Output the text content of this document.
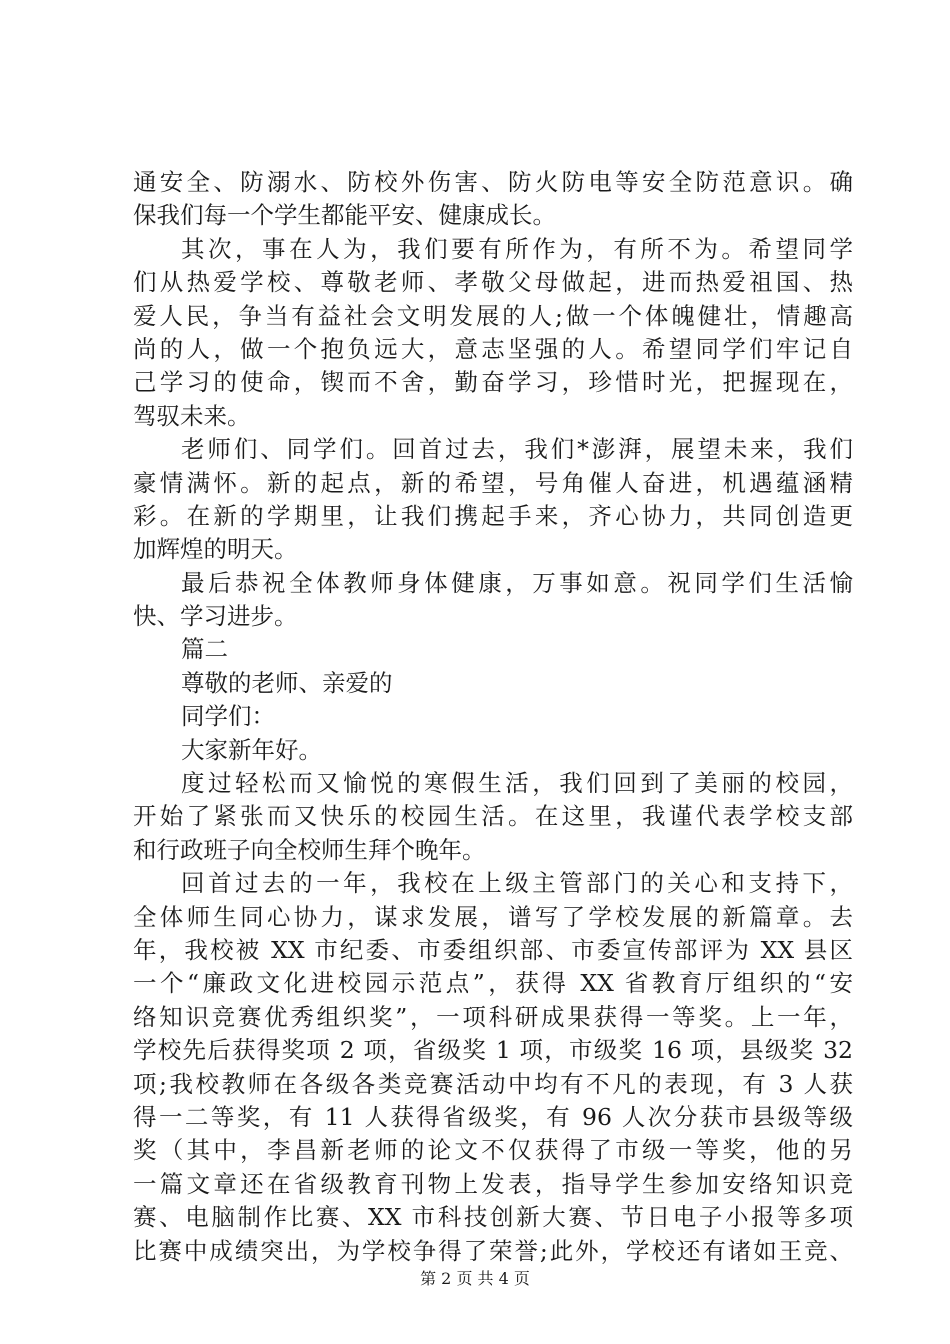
通安全、防溺水、防校外伤害、防火防电等安全防范意识。确
保我们每一个学生都能平安、健康成长。
其次，事在人为，我们要有所作为，有所不为。希望同学
们从热爱学校、尊敬老师、孝敬父母做起，进而热爱祖国、热
爱人民，争当有益社会文明发展的人;做一个体魄健壮，情趣高
尚的人，做一个抱负远大，意志坚强的人。希望同学们牢记自
己学习的使命，锲而不舍，勤奋学习，珍惜时光，把握现在，
驾驭未来。
老师们、同学们。回首过去，我们*澎湃，展望未来，我们
豪情满怀。新的起点，新的希望，号角催人奋进，机遇蕴涵精
彩。在新的学期里，让我们携起手来，齐心协力，共同创造更
加辉煌的明天。
最后恭祝全体教师身体健康，万事如意。祝同学们生活愉
快、学习进步。
篇二
尊敬的老师、亲爱的
同学们：
大家新年好。
度过轻松而又愉悦的寒假生活，我们回到了美丽的校园，
开始了紧张而又快乐的校园生活。在这里，我谨代表学校支部
和行政班子向全校师生拜个晚年。
回首过去的一年，我校在上级主管部门的关心和支持下，
全体师生同心协力，谋求发展，谱写了学校发展的新篇章。去
年，我校被 XX 市纪委、市委组织部、市委宣传部评为 XX 县区
一个“廉政文化进校园示范点”，获得 XX 省教育厅组织的“安
络知识竞赛优秀组织奖”，一项科研成果获得一等奖。上一年，
学校先后获得奖项 2 项，省级奖 1 项，市级奖 16 项，县级奖 32
项;我校教师在各级各类竞赛活动中均有不凡的表现，有 3 人获
得一二等奖，有 11 人获得省级奖，有 96 人次分获市县级等级
奖（其中，李昌新老师的论文不仅获得了市级一等奖，他的另
一篇文章还在省级教育刊物上发表，指导学生参加安络知识竞
赛、电脑制作比赛、XX 市科技创新大赛、节日电子小报等多项
比赛中成绩突出，为学校争得了荣誉;此外，学校还有诸如王竞、
第 2 页 共 4 页
